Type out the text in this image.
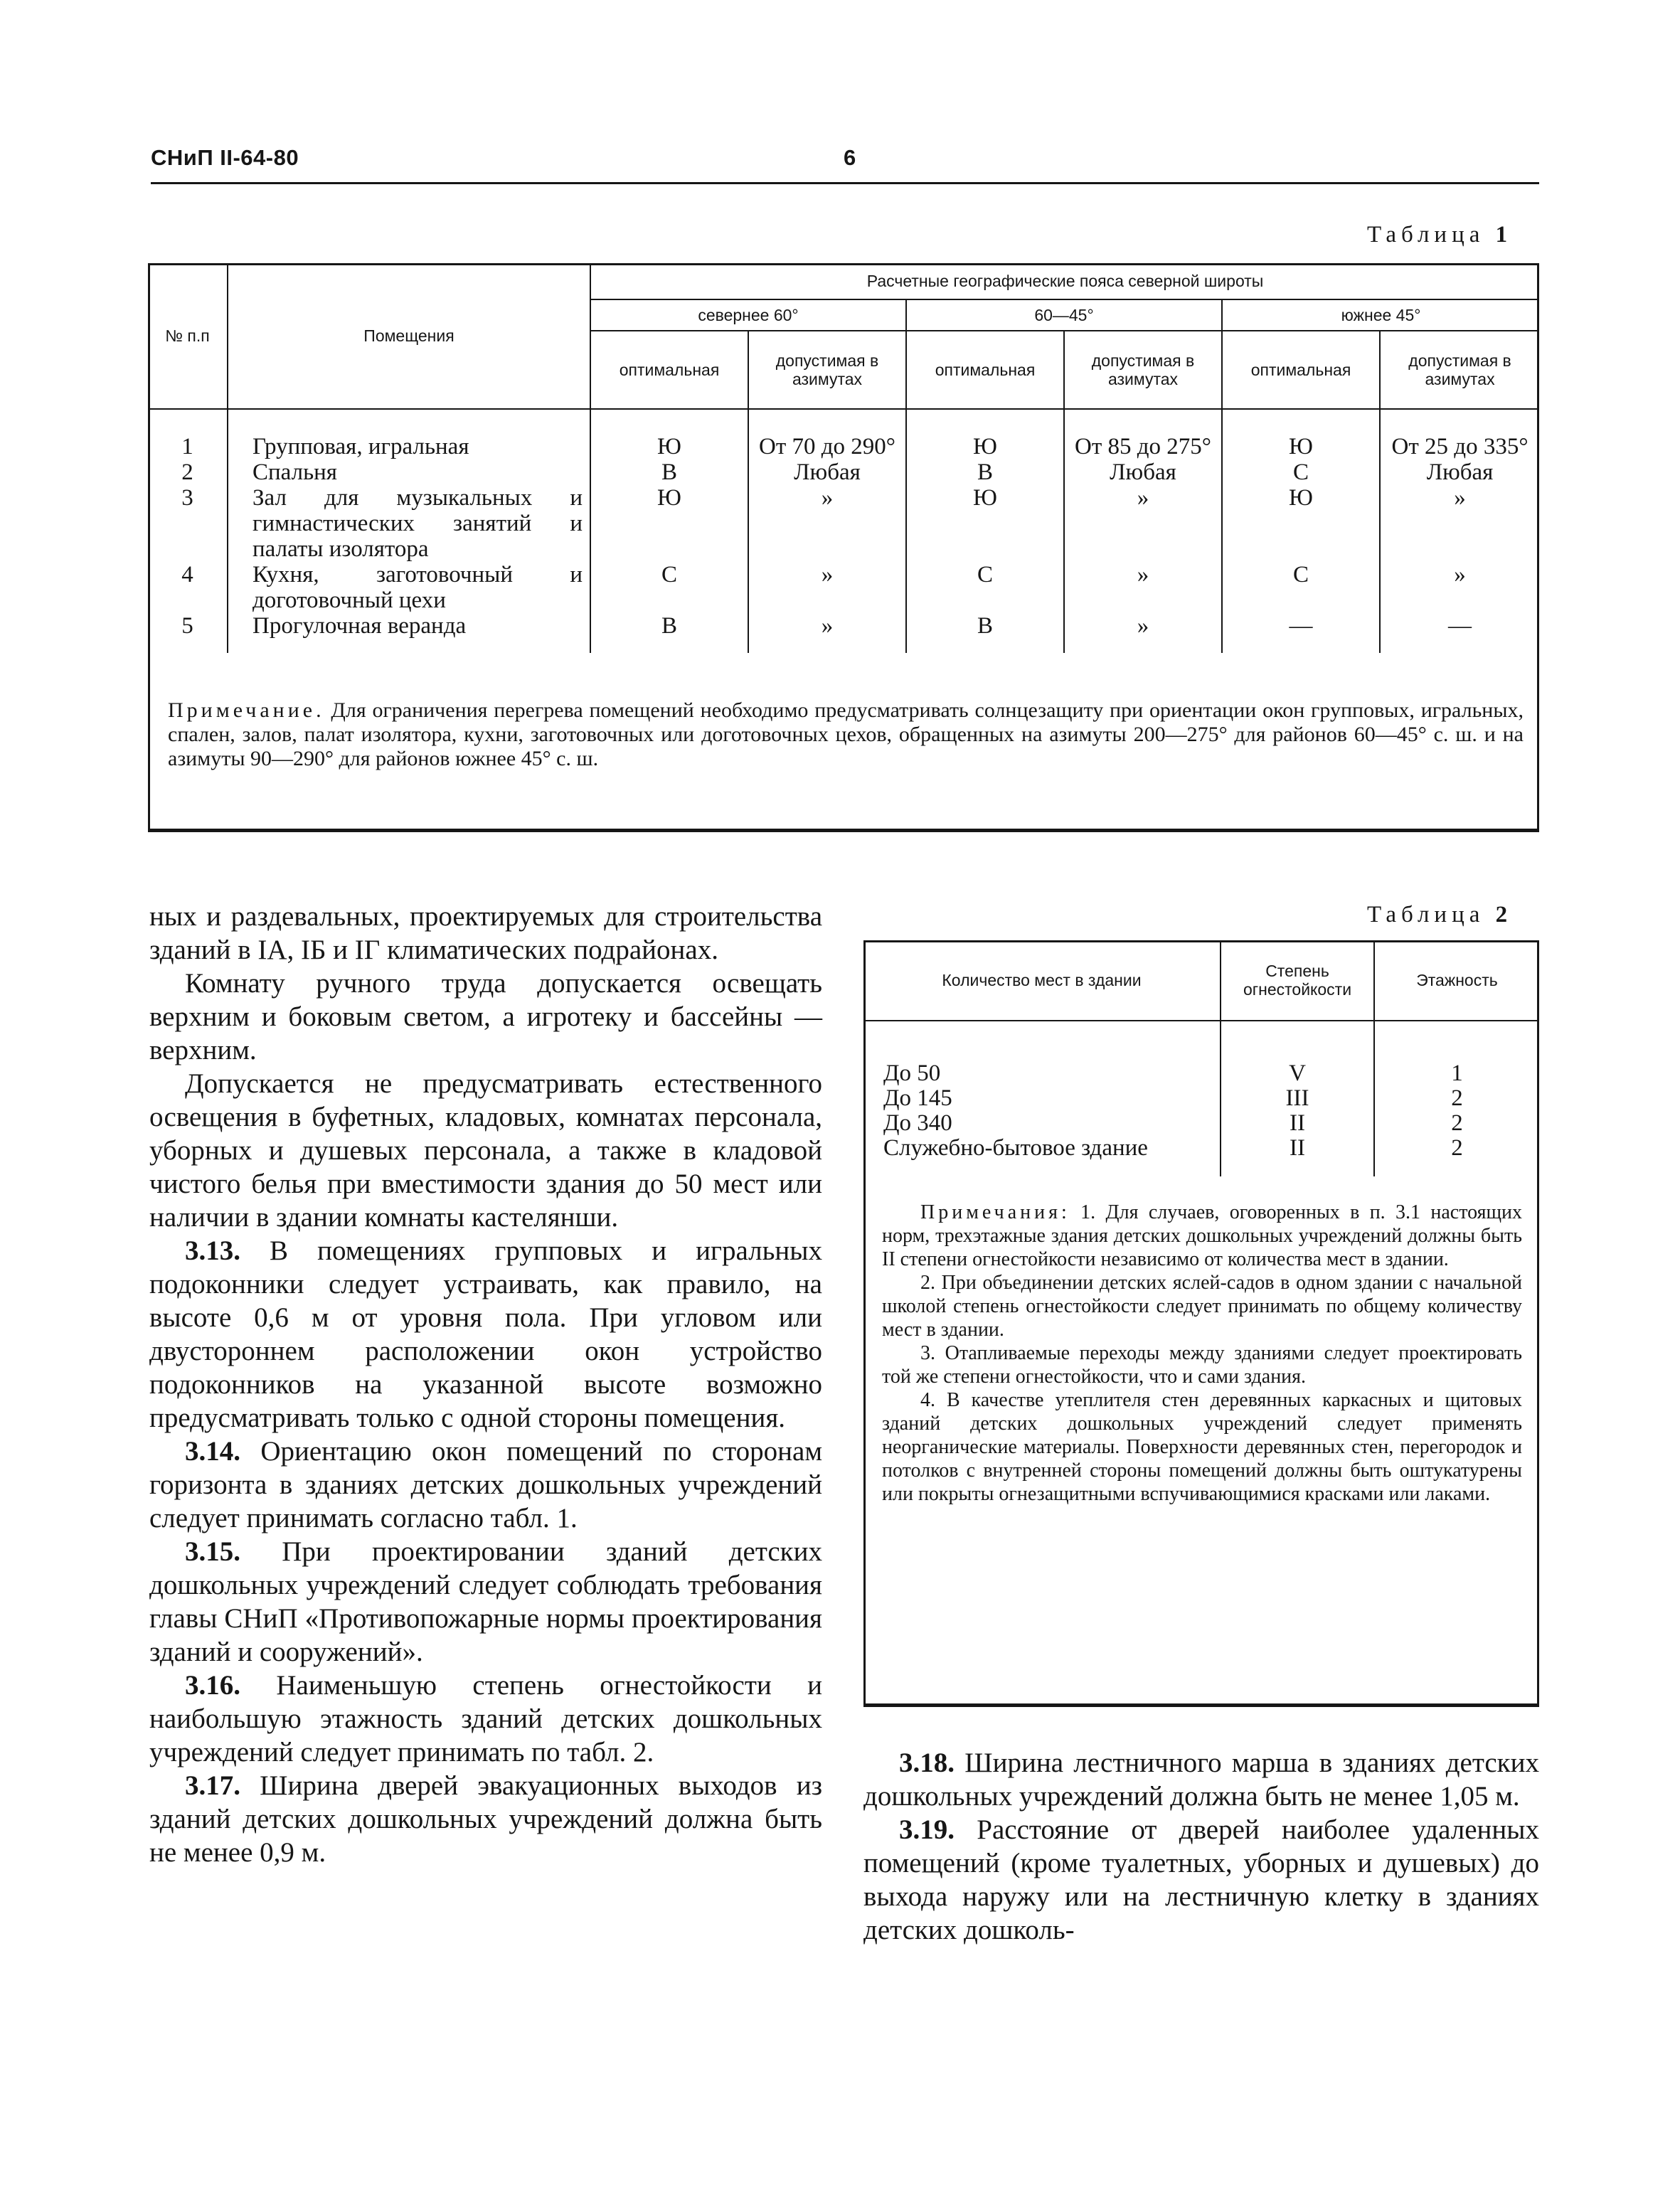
СНиП II-64-80	6
Таблица 1
№ п.п	Помещения	Расчетные географические пояса северной широты					
		севернее 60°		60—45°		южнее 45°	
		оптимальная	допустимая в азимутах	оптимальная	допустимая в азимутах	оптимальная	допустимая в азимутах
1	Групповая, игральная	Ю	От 70 до 290°	Ю	От 85 до 275°	Ю	От 25 до 335°
2	Спальня	В	Любая	В	Любая	С	Любая
3	Зал для музыкальных и гимнастических занятий и палаты изолятора	Ю	»	Ю	»	Ю	»
4	Кухня, заготовочный и доготовочный цехи	С	»	С	»	С	»
5	Прогулочная веранда	В	»	В	»	—	—
Примечание. Для ограничения перегрева помещений необходимо предусматривать солнцезащиту при ориентации окон групповых, игральных, спален, залов, палат изолятора, кухни, заготовочных или доготовочных цехов, обращенных на азимуты 200—275° для районов 60—45° с. ш. и на азимуты 90—290° для районов южнее 45° с. ш.

ных и раздевальных, проектируемых для строительства зданий в IА, IБ и IГ климатических подрайонах.

Комнату ручного труда допускается освещать верхним и боковым светом, а игротеку и бассейны — верхним.

Допускается не предусматривать естественного освещения в буфетных, кладовых, комнатах персонала, уборных и душевых персонала, а также в кладовой чистого белья при вместимости здания до 50 мест или наличии в здании комнаты кастелянши.

3.13. В помещениях групповых и игральных подоконники следует устраивать, как правило, на высоте 0,6 м от уровня пола. При угловом или двустороннем расположении окон устройство подоконников на указанной высоте возможно предусматривать только с одной стороны помещения.

3.14. Ориентацию окон помещений по сторонам горизонта в зданиях детских дошкольных учреждений следует принимать согласно табл. 1.

3.15. При проектировании зданий детских дошкольных учреждений следует соблюдать требования главы СНиП «Противопожарные нормы проектирования зданий и сооружений».

3.16. Наименьшую степень огнестойкости и наибольшую этажность зданий детских дошкольных учреждений следует принимать по табл. 2.

3.17. Ширина дверей эвакуационных выходов из зданий детских дошкольных учреждений должна быть не менее 0,9 м.

Таблица 2
Количество мест в здании	Степень огнестойкости	Этажность
До 50	V	1
До 145	III	2
До 340	II	2
Служебно-бытовое здание	II	2

Примечания: 1. Для случаев, оговоренных в п. 3.1 настоящих норм, трехэтажные здания детских дошкольных учреждений должны быть II степени огнестойкости независимо от количества мест в здании.

2. При объединении детских яслей-садов в одном здании с начальной школой степень огнестойкости следует принимать по общему количеству мест в здании.

3. Отапливаемые переходы между зданиями следует проектировать той же степени огнестойкости, что и сами здания.

4. В качестве утеплителя стен деревянных каркасных и щитовых зданий детских дошкольных учреждений следует применять неорганические материалы. Поверхности деревянных стен, перегородок и потолков с внутренней стороны помещений должны быть оштукатурены или покрыты огнезащитными вспучивающимися красками или лаками.

3.18. Ширина лестничного марша в зданиях детских дошкольных учреждений должна быть не менее 1,05 м.

3.19. Расстояние от дверей наиболее удаленных помещений (кроме туалетных, уборных и душевых) до выхода наружу или на лестничную клетку в зданиях детских дошколь-
